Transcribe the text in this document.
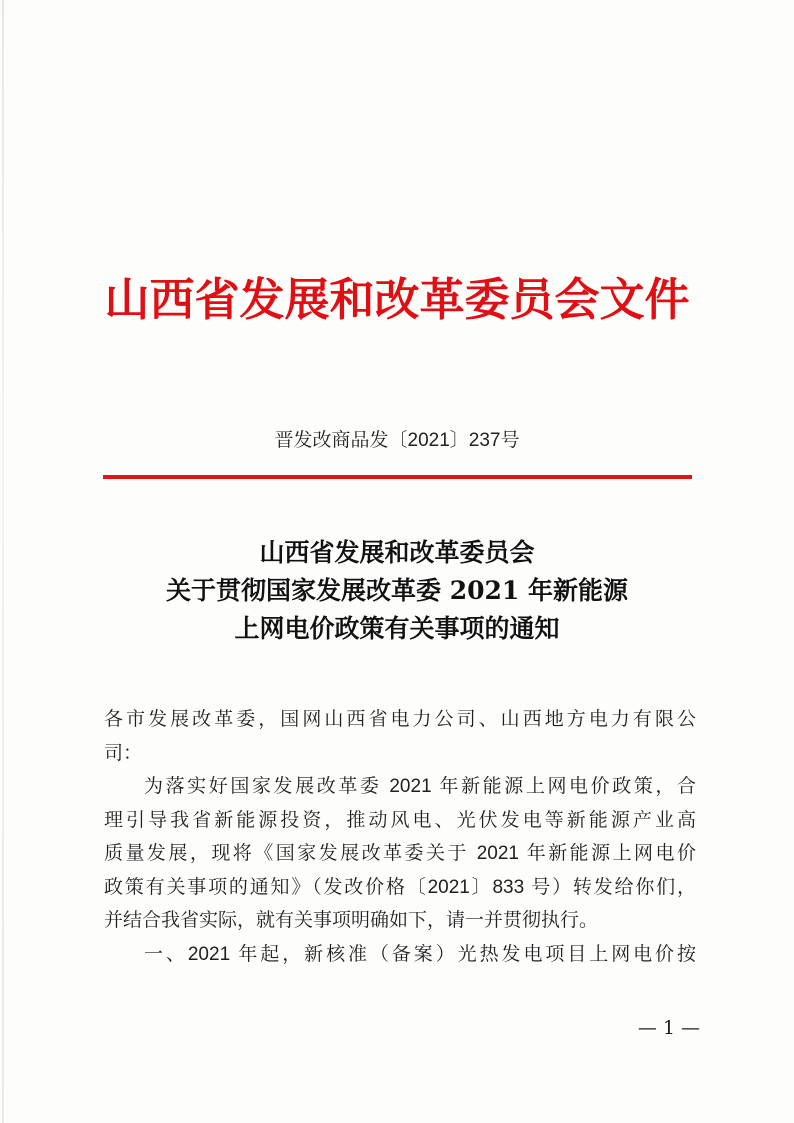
山西省发展和改革委员会文件
晋发改商品发〔2021〕237号
山西省发展和改革委员会
关于贯彻国家发展改革委 2021 年新能源
上网电价政策有关事项的通知
各市发展改革委，国网山西省电力公司、山西地方电力有限公
司：
为落实好国家发展改革委 2021 年新能源上网电价政策，合
理引导我省新能源投资，推动风电、光伏发电等新能源产业高
质量发展，现将《国家发展改革委关于 2021 年新能源上网电价
政策有关事项的通知》（发改价格〔2021〕833 号）转发给你们，
并结合我省实际，就有关事项明确如下，请一并贯彻执行。
一、2021 年起，新核准（备案）光热发电项目上网电价按
— 1 —
